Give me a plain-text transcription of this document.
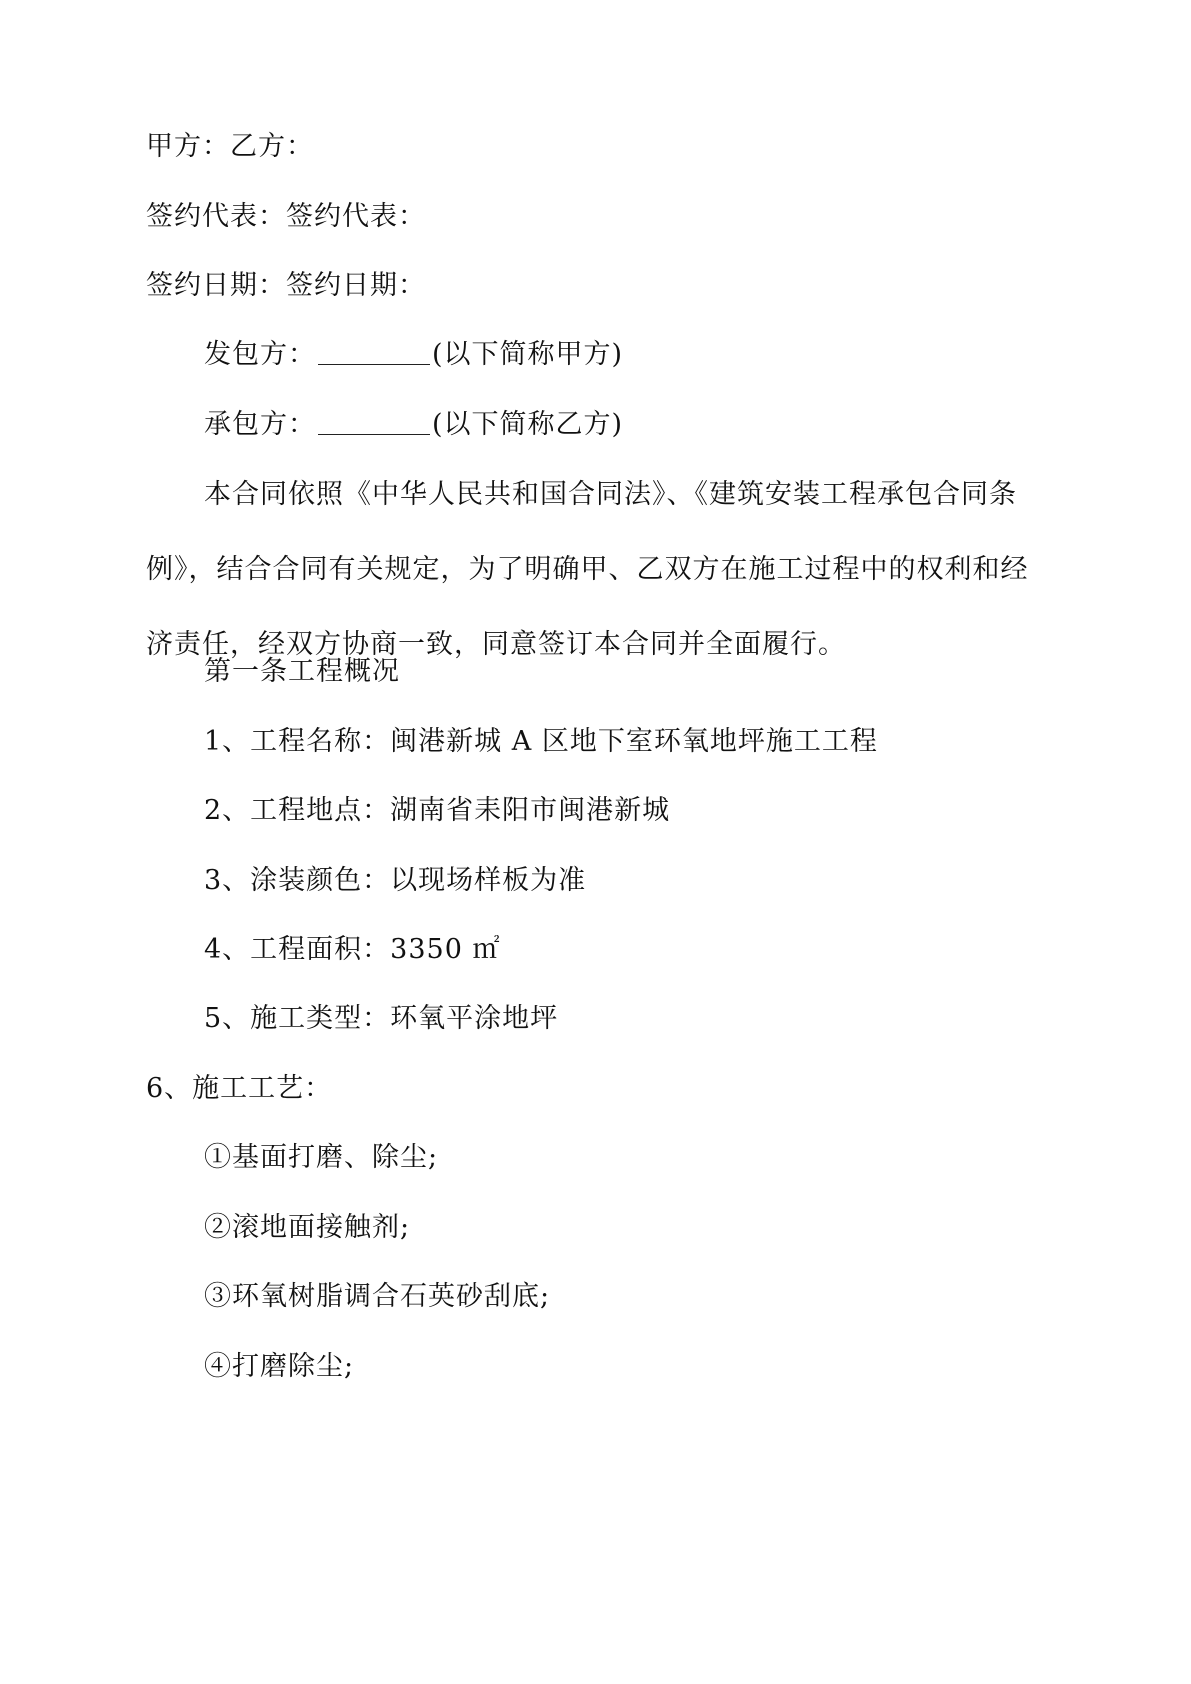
甲方：乙方：
签约代表：签约代表：
签约日期：签约日期：
发包方：	(以下简称甲方)
承包方：	(以下简称乙方)
本合同依照《中华人民共和国合同法》、《建筑安装工程承包合同条例》，结合合同有关规定，为了明确甲、乙双方在施工过程中的权利和经济责任，经双方协商一致，同意签订本合同并全面履行。
第一条工程概况
1、工程名称：闽港新城 A 区地下室环氧地坪施工工程
2、工程地点：湖南省耒阳市闽港新城
3、涂装颜色：以现场样板为准
4、工程面积：3350 ㎡
5、施工类型：环氧平涂地坪
6、施工工艺：
①基面打磨、除尘;
②滚地面接触剂;
③环氧树脂调合石英砂刮底;
④打磨除尘;
